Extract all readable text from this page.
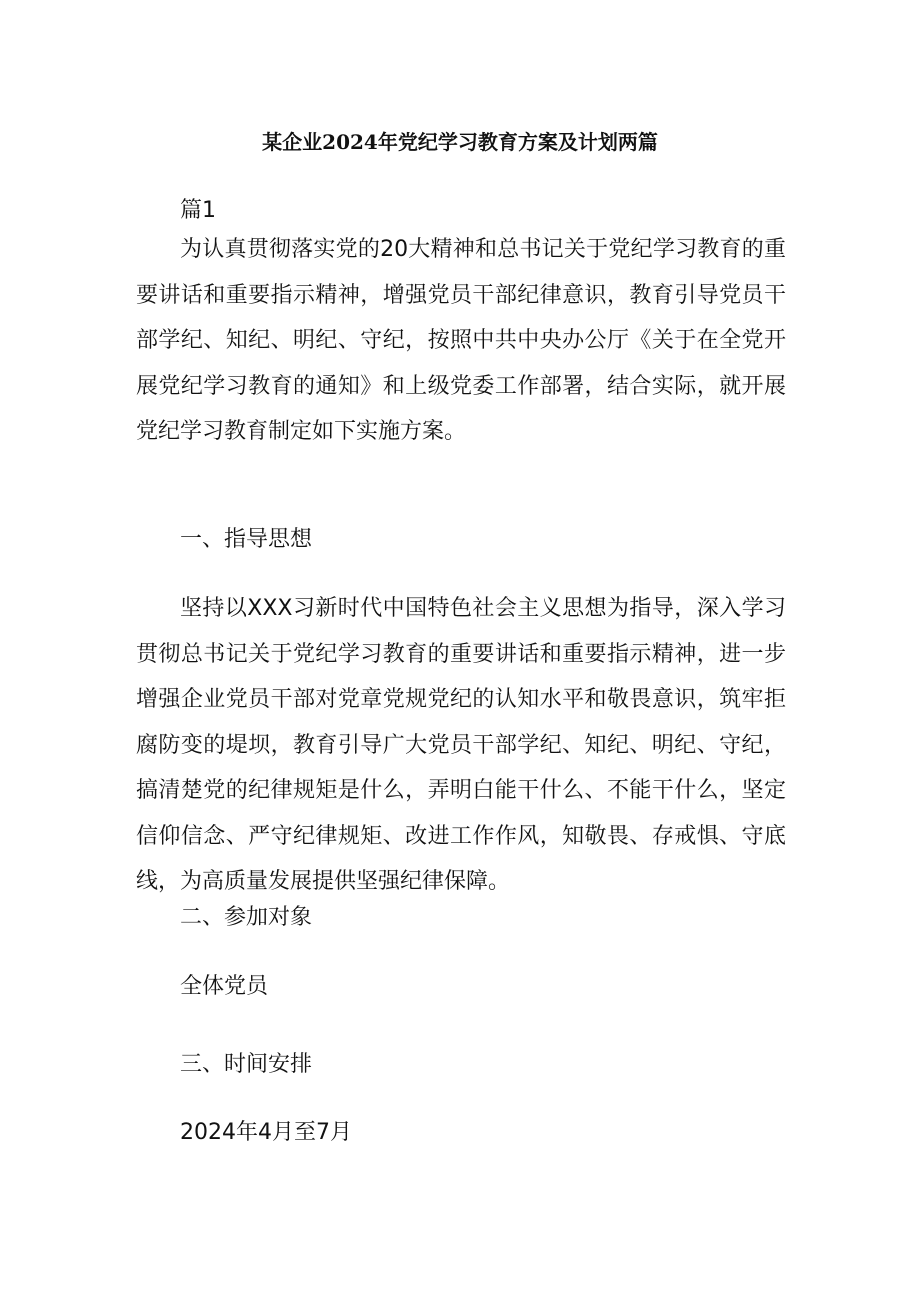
某企业2024年党纪学习教育方案及计划两篇

篇1

为认真贯彻落实党的20大精神和总书记关于党纪学习教育的重要讲话和重要指示精神，增强党员干部纪律意识，教育引导党员干部学纪、知纪、明纪、守纪，按照中共中央办公厅《关于在全党开展党纪学习教育的通知》和上级党委工作部署，结合实际，就开展党纪学习教育制定如下实施方案。

一、指导思想

坚持以XXX习新时代中国特色社会主义思想为指导，深入学习贯彻总书记关于党纪学习教育的重要讲话和重要指示精神，进一步增强企业党员干部对党章党规党纪的认知水平和敬畏意识，筑牢拒腐防变的堤坝，教育引导广大党员干部学纪、知纪、明纪、守纪，搞清楚党的纪律规矩是什么，弄明白能干什么、不能干什么，坚定信仰信念、严守纪律规矩、改进工作作风，知敬畏、存戒惧、守底线，为高质量发展提供坚强纪律保障。

二、参加对象

全体党员

三、时间安排

2024年4月至7月
